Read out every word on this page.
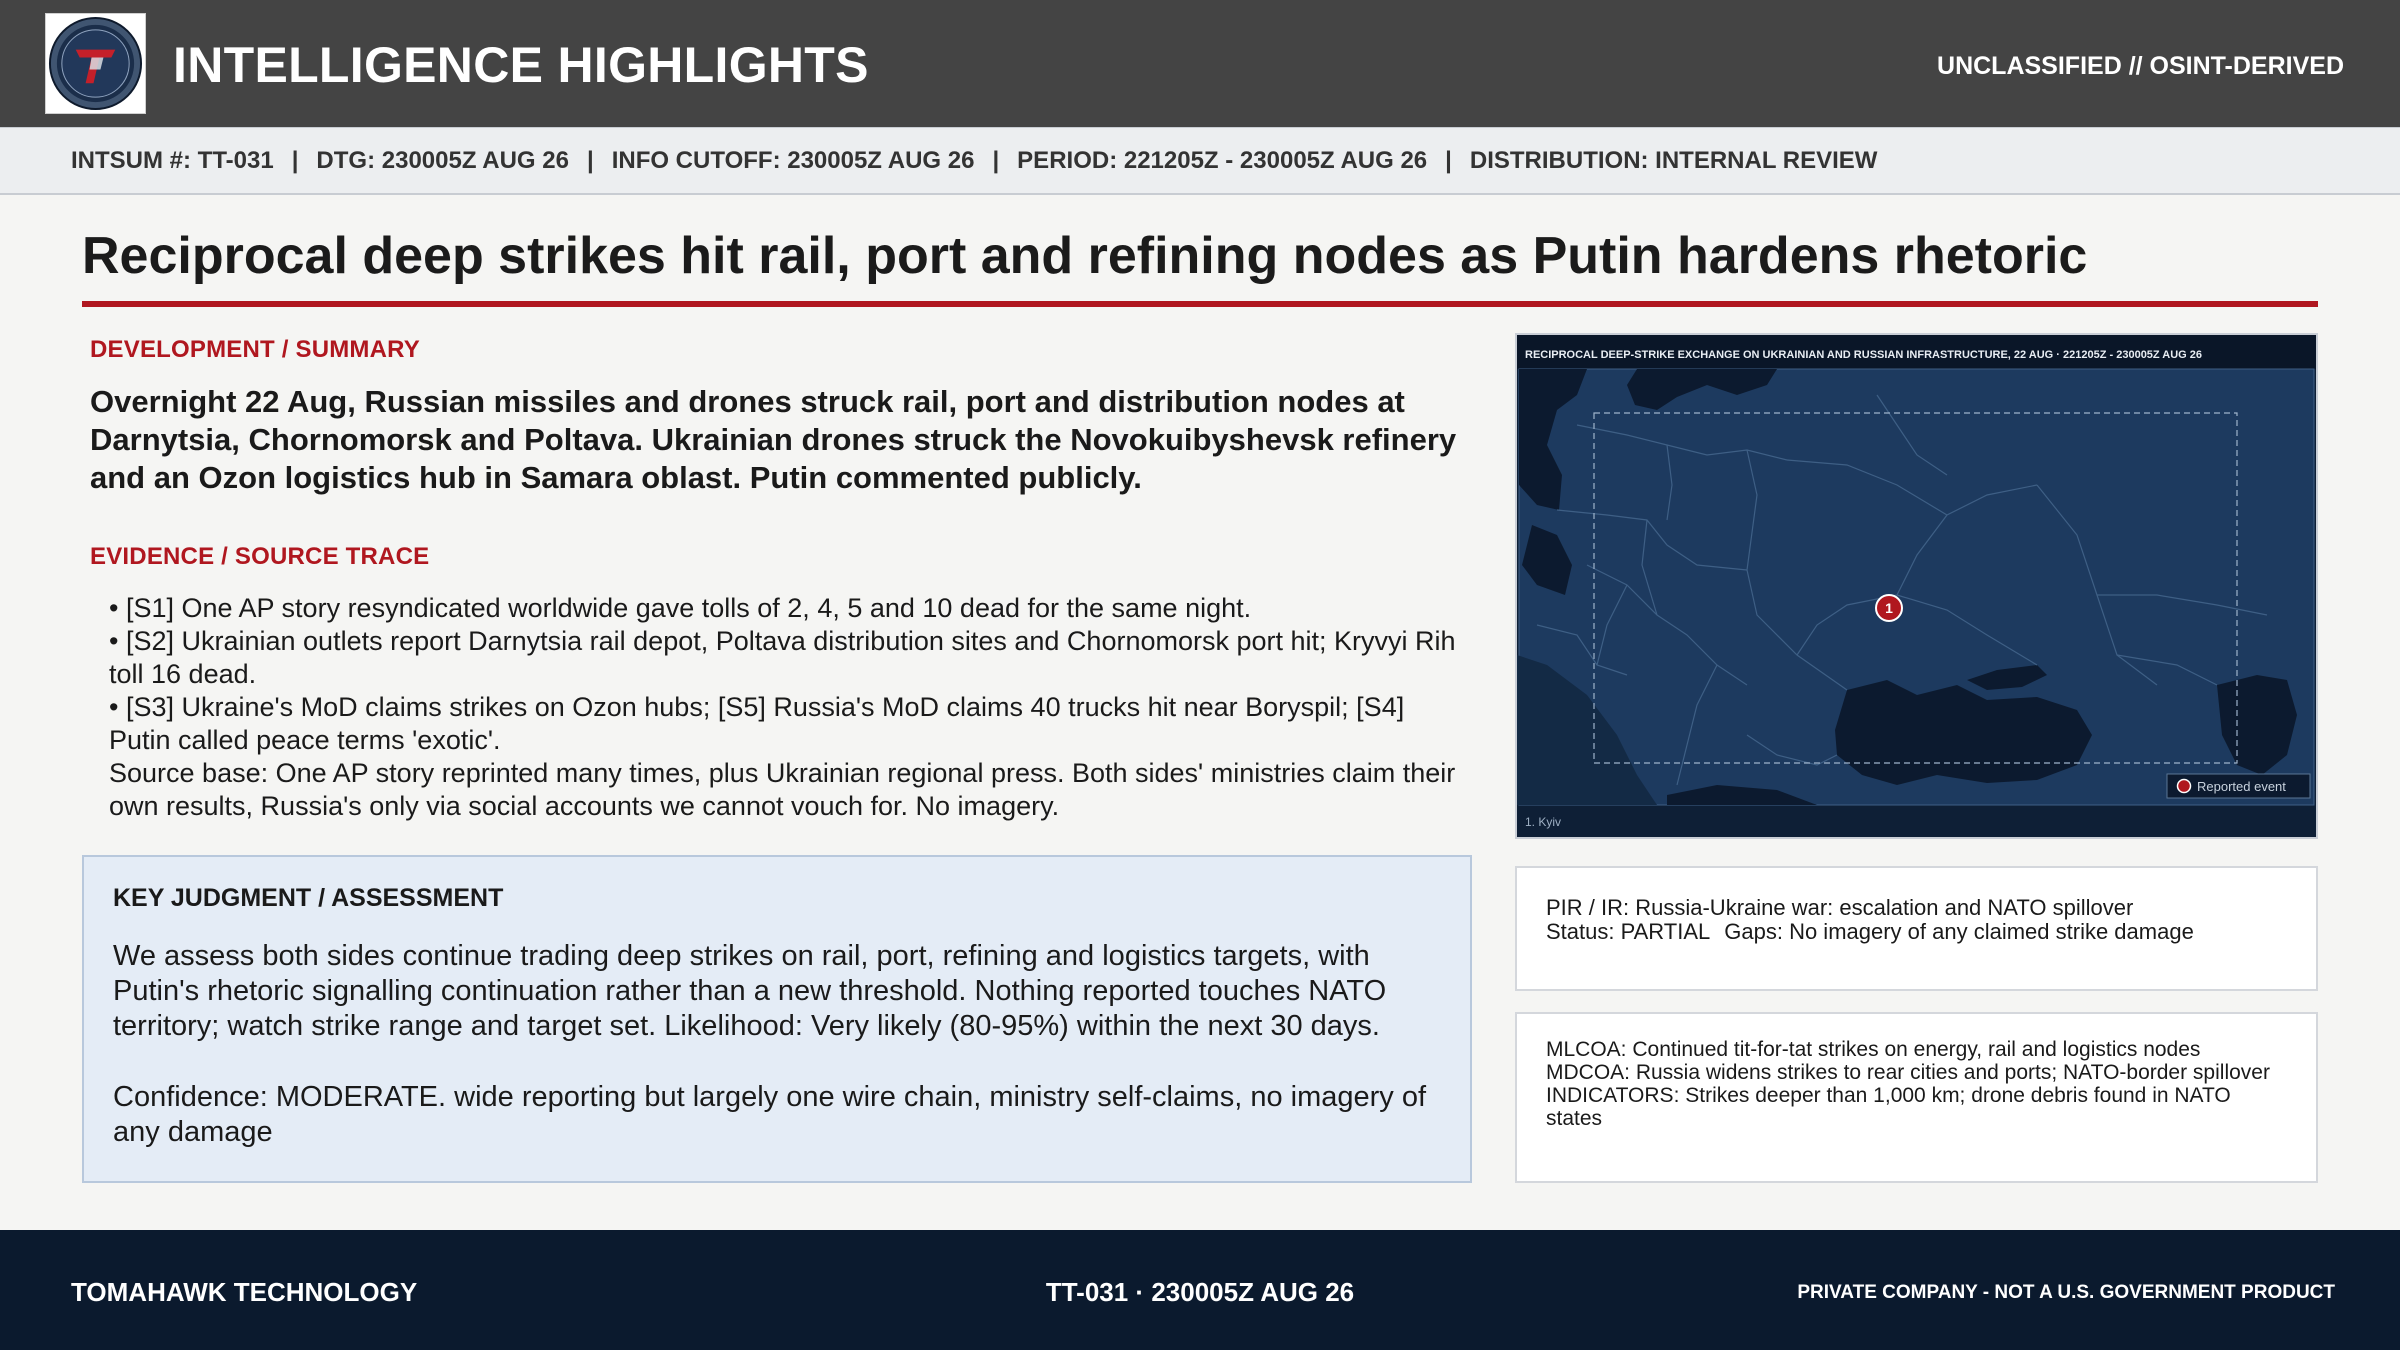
INTELLIGENCE HIGHLIGHTS	UNCLASSIFIED // OSINT-DERIVED
INTSUM #: TT-031 | DTG: 230005Z AUG 26 | INFO CUTOFF: 230005Z AUG 26 | PERIOD: 221205Z - 230005Z AUG 26 | DISTRIBUTION: INTERNAL REVIEW
Reciprocal deep strikes hit rail, port and refining nodes as Putin hardens rhetoric
DEVELOPMENT / SUMMARY
Overnight 22 Aug, Russian missiles and drones struck rail, port and distribution nodes at Darnytsia, Chornomorsk and Poltava. Ukrainian drones struck the Novokuibyshevsk refinery and an Ozon logistics hub in Samara oblast. Putin commented publicly.
EVIDENCE / SOURCE TRACE
• [S1] One AP story resyndicated worldwide gave tolls of 2, 4, 5 and 10 dead for the same night.
• [S2] Ukrainian outlets report Darnytsia rail depot, Poltava distribution sites and Chornomorsk port hit; Kryvyi Rih toll 16 dead.
• [S3] Ukraine's MoD claims strikes on Ozon hubs; [S5] Russia's MoD claims 40 trucks hit near Boryspil; [S4] Putin called peace terms 'exotic'.
Source base: One AP story reprinted many times, plus Ukrainian regional press. Both sides' ministries claim their own results, Russia's only via social accounts we cannot vouch for. No imagery.
KEY JUDGMENT / ASSESSMENT
We assess both sides continue trading deep strikes on rail, port, refining and logistics targets, with Putin's rhetoric signalling continuation rather than a new threshold. Nothing reported touches NATO territory; watch strike range and target set. Likelihood: Very likely (80-95%) within the next 30 days.
Confidence: MODERATE. wide reporting but largely one wire chain, ministry self-claims, no imagery of any damage
RECIPROCAL DEEP-STRIKE EXCHANGE ON UKRAINIAN AND RUSSIAN INFRASTRUCTURE, 22 AUG · 221205Z - 230005Z AUG 26
1
Reported event
1. Kyiv
PIR / IR: Russia-Ukraine war: escalation and NATO spillover
Status: PARTIAL Gaps: No imagery of any claimed strike damage
MLCOA: Continued tit-for-tat strikes on energy, rail and logistics nodes
MDCOA: Russia widens strikes to rear cities and ports; NATO-border spillover
INDICATORS: Strikes deeper than 1,000 km; drone debris found in NATO states
TOMAHAWK TECHNOLOGY	TT-031 · 230005Z AUG 26	PRIVATE COMPANY - NOT A U.S. GOVERNMENT PRODUCT
